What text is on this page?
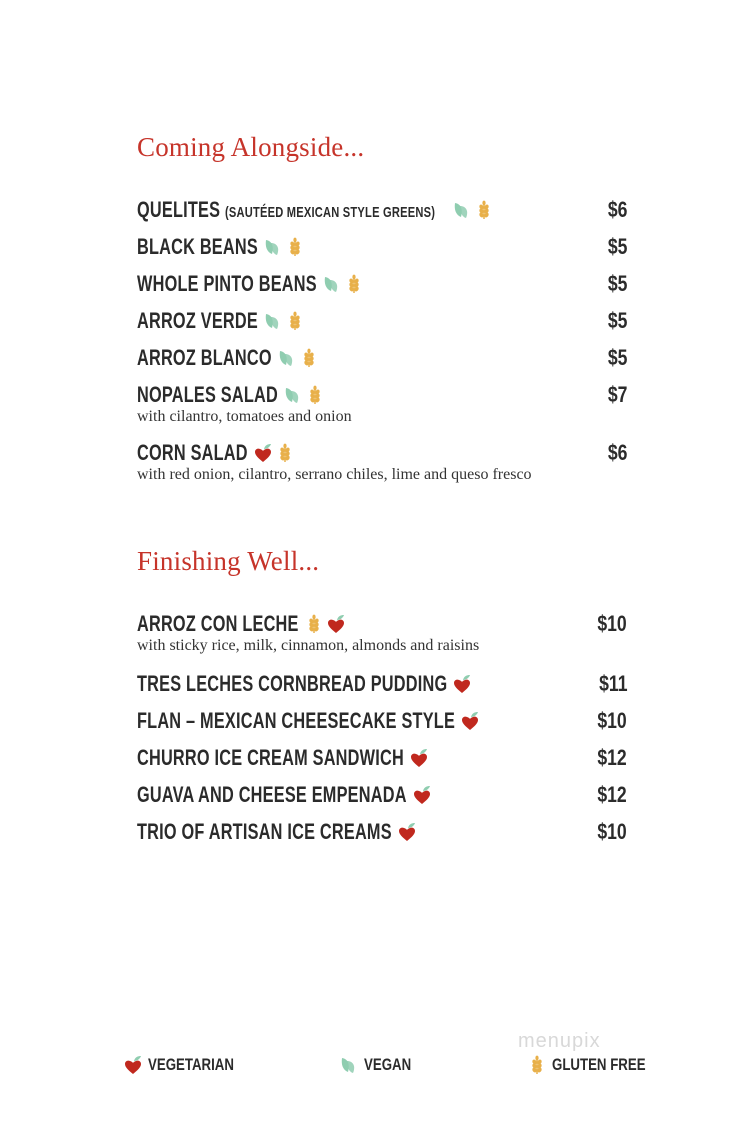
Coming Alongside...
QUELITES (SAUTÉED MEXICAN STYLE GREENS)	$6
BLACK BEANS	$5
WHOLE PINTO BEANS	$5
ARROZ VERDE	$5
ARROZ BLANCO	$5
NOPALES SALAD	$7
with cilantro, tomatoes and onion
CORN SALAD	$6
with red onion, cilantro, serrano chiles, lime and queso fresco
Finishing Well...
ARROZ CON LECHE	$10
with sticky rice, milk, cinnamon, almonds and raisins
TRES LECHES CORNBREAD PUDDING	$11
FLAN – MEXICAN CHEESECAKE STYLE	$10
CHURRO ICE CREAM SANDWICH	$12
GUAVA AND CHEESE EMPENADA	$12
TRIO OF ARTISAN ICE CREAMS	$10
VEGETARIAN	VEGAN	GLUTEN FREE
menupix
